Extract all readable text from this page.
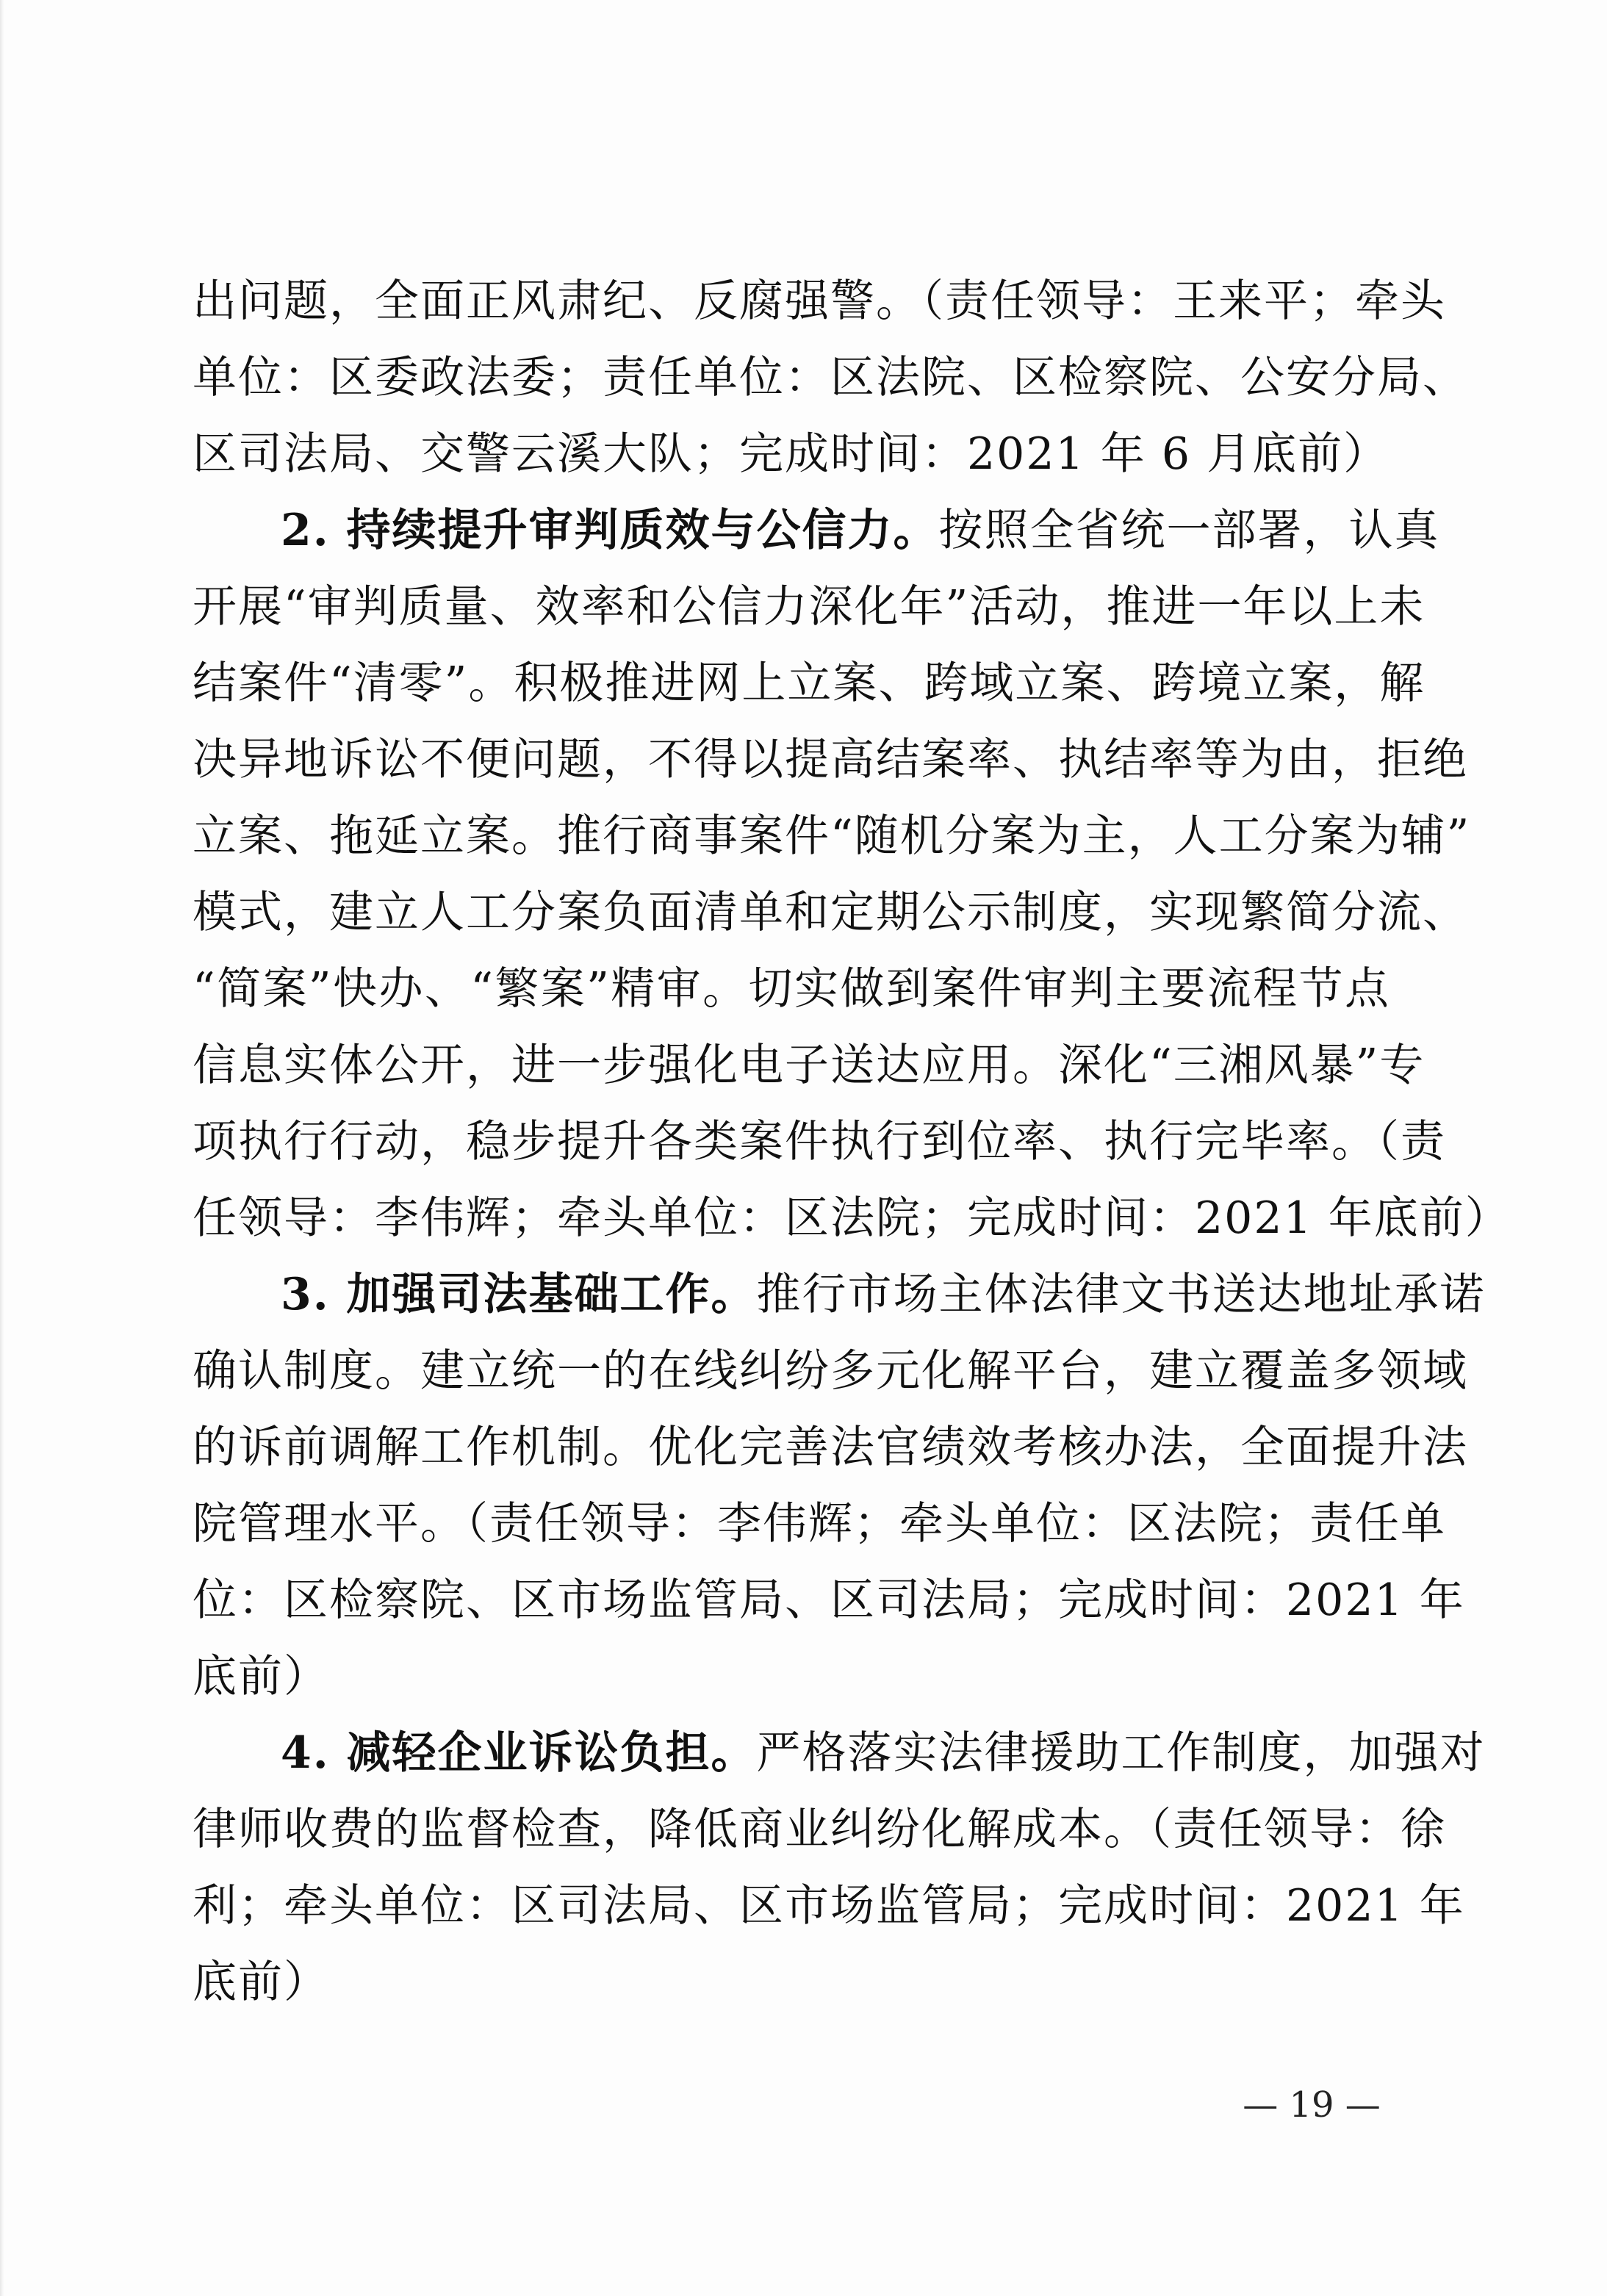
出问题，全面正风肃纪、反腐强警。（责任领导：王来平；牵头
单位：区委政法委；责任单位：区法院、区检察院、公安分局、
区司法局、交警云溪大队；完成时间：2021 年 6 月底前）
2. 持续提升审判质效与公信力。按照全省统一部署，认真
开展“审判质量、效率和公信力深化年”活动，推进一年以上未
结案件“清零”。积极推进网上立案、跨域立案、跨境立案，解
决异地诉讼不便问题，不得以提高结案率、执结率等为由，拒绝
立案、拖延立案。推行商事案件“随机分案为主，人工分案为辅”
模式，建立人工分案负面清单和定期公示制度，实现繁简分流、
“简案”快办、“繁案”精审。切实做到案件审判主要流程节点
信息实体公开，进一步强化电子送达应用。深化“三湘风暴”专
项执行行动，稳步提升各类案件执行到位率、执行完毕率。（责
任领导：李伟辉；牵头单位：区法院；完成时间：2021 年底前）
3. 加强司法基础工作。推行市场主体法律文书送达地址承诺
确认制度。建立统一的在线纠纷多元化解平台，建立覆盖多领域
的诉前调解工作机制。优化完善法官绩效考核办法，全面提升法
院管理水平。（责任领导：李伟辉；牵头单位：区法院；责任单
位：区检察院、区市场监管局、区司法局；完成时间：2021 年
底前）
4. 减轻企业诉讼负担。严格落实法律援助工作制度，加强对
律师收费的监督检查，降低商业纠纷化解成本。（责任领导：徐
利；牵头单位：区司法局、区市场监管局；完成时间：2021 年
底前）
— 19 —
